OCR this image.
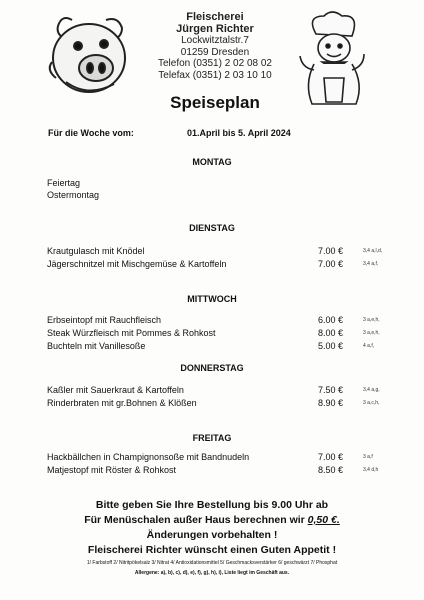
Fleischerei
Jürgen Richter
Lockwitztalstr.7
01259 Dresden
Telefon (0351) 2 02 08 02
Telefax (0351) 2 03 10 10
Speiseplan
Für die Woche vom:	01.April bis 5. April 2024
MONTAG
Feiertag
Ostermontag
DIENSTAG
Krautgulasch mit Knödel	7.00 €	3,4 a,l,d,
Jägerschnitzel mit Mischgemüse & Kartoffeln	7.00 €	3,4 a,f,
MITTWOCH
Erbseintopf mit Rauchfleisch	6.00 €	3 a,e,h,
Steak Würzfleisch mit Pommes & Rohkost	8.00 €	3 a,e,h,
Buchteln mit Vanillesoße	5.00 €	4 a,f,
DONNERSTAG
Kaßler mit Sauerkraut & Kartoffeln	7.50 €	3,4 a,g,
Rinderbraten mit gr.Bohnen & Klößen	8.90 €	3 a,c,h,
FREITAG
Hackbällchen in Champignonsoße mit Bandnudeln	7.00 €	3 a,f
Matjestopf mit Röster & Rohkost	8.50 €	3,4 d,h
Bitte geben Sie Ihre Bestellung bis 9.00 Uhr ab
Für Menüschalen außer Haus berechnen wir 0,50 €.
Änderungen vorbehalten !
Fleischerei Richter wünscht einen Guten Appetit !
1/ Farbstoff 2/ Nitritpökelsalz 3/ Nitrat 4/ Antioxidationsmittel 5/ Geschmacksverstärker 6/ geschwärzt 7/ Phosphat
Allergene: a), b), c), d), e), f), g), h), i), Liste liegt im Geschäft aus.
